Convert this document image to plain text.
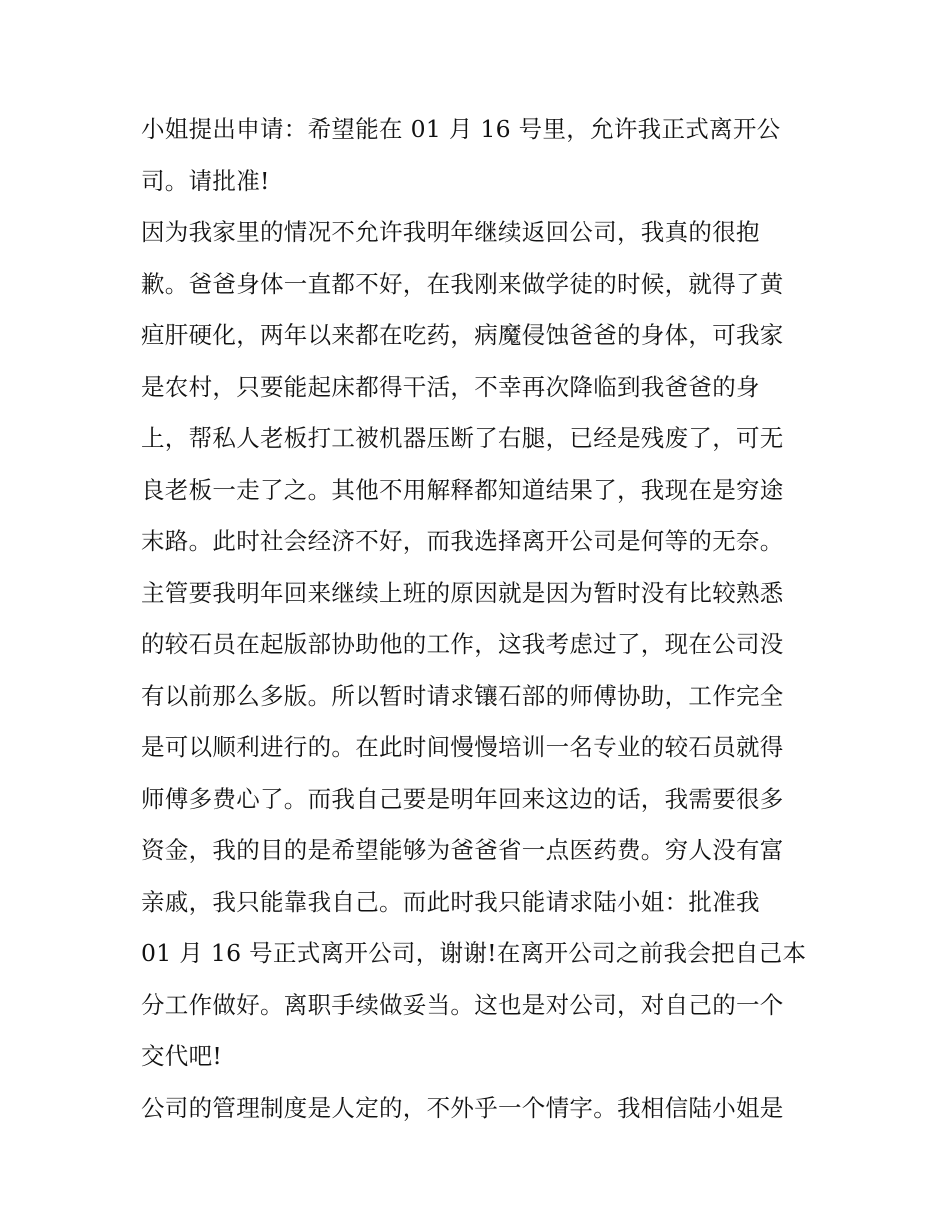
小姐提出申请：希望能在 01 月 16 号里，允许我正式离开公
司。请批准!
因为我家里的情况不允许我明年继续返回公司，我真的很抱
歉。爸爸身体一直都不好，在我刚来做学徒的时候，就得了黄
疸肝硬化，两年以来都在吃药，病魔侵蚀爸爸的身体，可我家
是农村，只要能起床都得干活，不幸再次降临到我爸爸的身
上，帮私人老板打工被机器压断了右腿，已经是残废了，可无
良老板一走了之。其他不用解释都知道结果了，我现在是穷途
末路。此时社会经济不好，而我选择离开公司是何等的无奈。
主管要我明年回来继续上班的原因就是因为暂时没有比较熟悉
的较石员在起版部协助他的工作，这我考虑过了，现在公司没
有以前那么多版。所以暂时请求镶石部的师傅协助，工作完全
是可以顺利进行的。在此时间慢慢培训一名专业的较石员就得
师傅多费心了。而我自己要是明年回来这边的话，我需要很多
资金，我的目的是希望能够为爸爸省一点医药费。穷人没有富
亲戚，我只能靠我自己。而此时我只能请求陆小姐：批准我
01 月 16 号正式离开公司，谢谢!在离开公司之前我会把自己本
分工作做好。离职手续做妥当。这也是对公司，对自己的一个
交代吧!
公司的管理制度是人定的，不外乎一个情字。我相信陆小姐是
